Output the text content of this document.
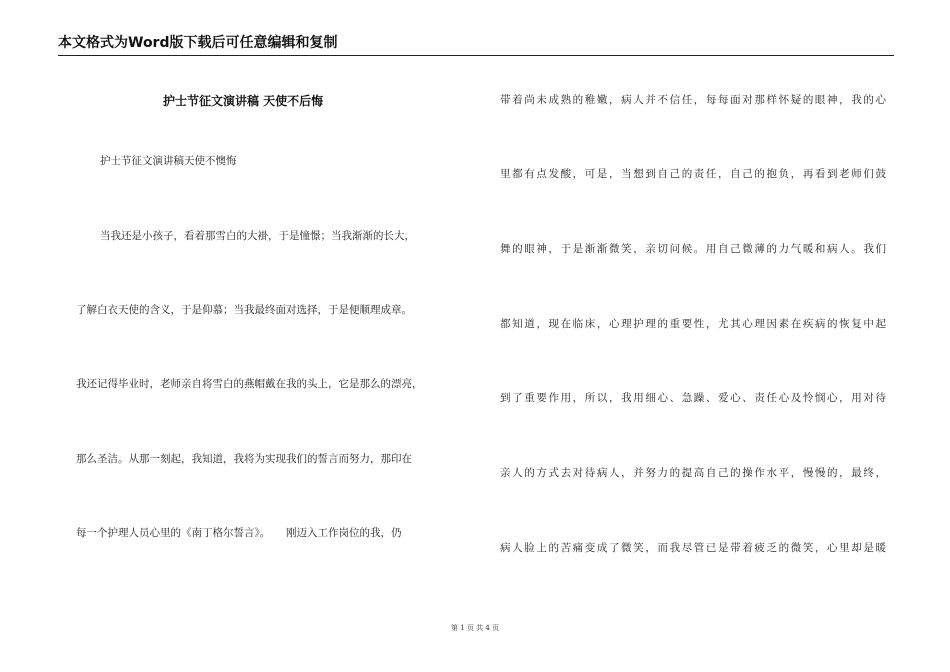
本文格式为Word版下载后可任意编辑和复制
护士节征文演讲稿 天使不后悔
护士节征文演讲稿天使不懊悔
当我还是小孩子，看着那雪白的大褂，于是憧憬；当我渐渐的长大，
了解白衣天使的含义，于是仰慕；当我最终面对选择，于是便顺理成章。
我还记得毕业时，老师亲自将雪白的燕帽戴在我的头上，它是那么的漂亮，
那么圣洁。从那一刻起，我知道，我将为实现我们的誓言而努力，那印在
每一个护理人员心里的《南丁格尔誓言》。　　刚迈入工作岗位的我，仍
带着尚未成熟的稚嫩，病人并不信任，每每面对那样怀疑的眼神，我的心
里都有点发酸，可是，当想到自己的责任，自己的抱负，再看到老师们鼓
舞的眼神，于是渐渐微笑，亲切问候。用自己微薄的力气暖和病人。我们
都知道，现在临床，心理护理的重要性，尤其心理因素在疾病的恢复中起
到了重要作用，所以，我用细心、急躁、爱心、责任心及怜悯心，用对待
亲人的方式去对待病人，并努力的提高自己的操作水平，慢慢的，最终，
病人脸上的苦痛变成了微笑，而我尽管已是带着疲乏的微笑，心里却是暖
第 1 页 共 4 页
